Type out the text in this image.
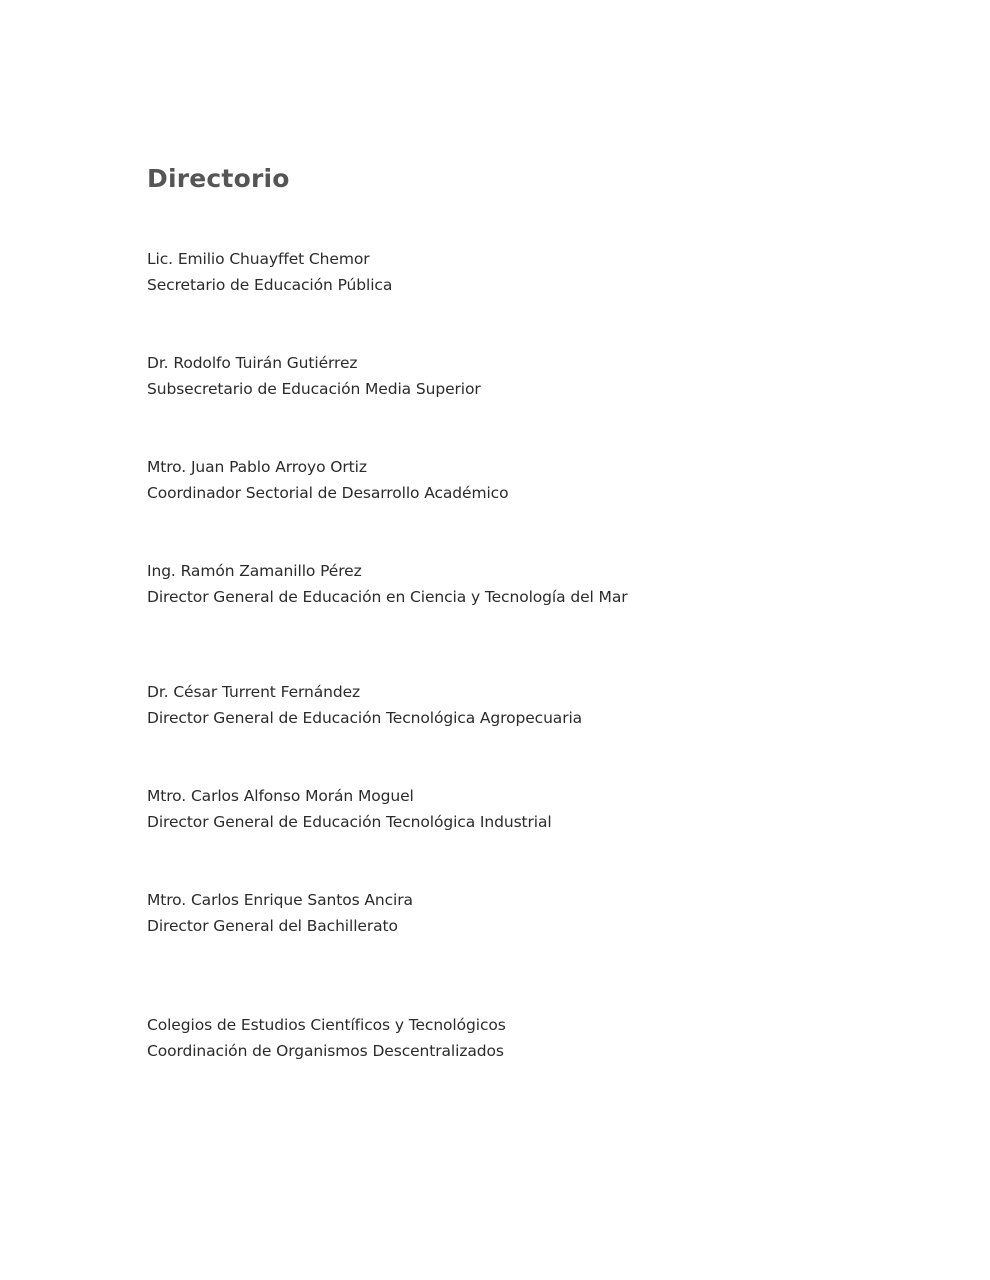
Directorio
Lic. Emilio Chuayffet Chemor
Secretario de Educación Pública
Dr. Rodolfo Tuirán Gutiérrez
Subsecretario de Educación Media Superior
Mtro. Juan Pablo Arroyo Ortiz
Coordinador Sectorial de Desarrollo Académico
Ing. Ramón Zamanillo Pérez
Director General de Educación en Ciencia y Tecnología del Mar
Dr. César Turrent Fernández
Director General de Educación Tecnológica Agropecuaria
Mtro. Carlos Alfonso Morán Moguel
Director General de Educación Tecnológica Industrial
Mtro. Carlos Enrique Santos Ancira
Director General del Bachillerato
Colegios de Estudios Científicos y Tecnológicos
Coordinación de Organismos Descentralizados
